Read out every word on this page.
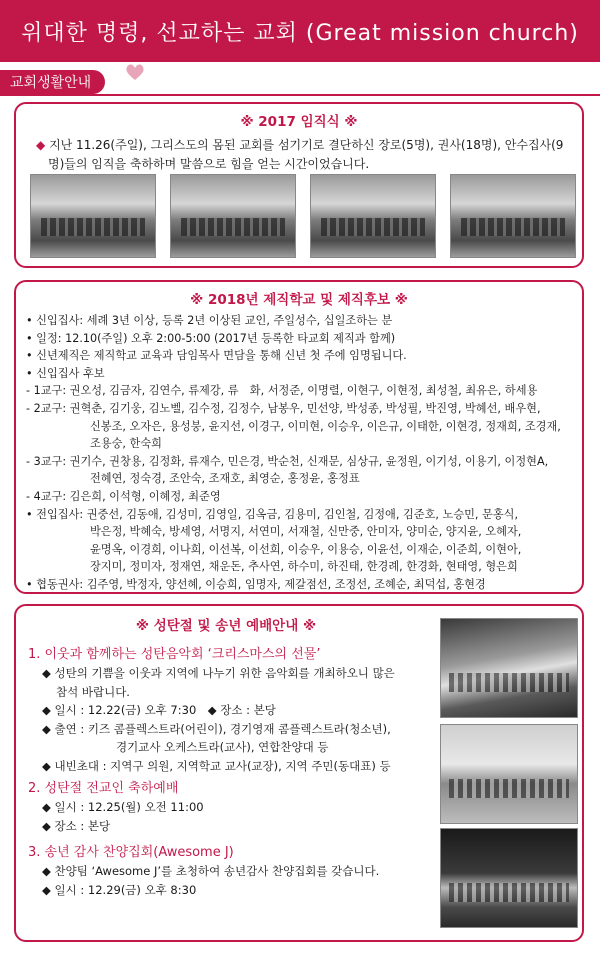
위대한 명령, 선교하는 교회 (Great mission church)
교회생활안내
※ 2017 임직식 ※

◆ 지난 11.26(주일), 그리스도의 몸된 교회를 섬기기로 결단하신 장로(5명), 권사(18명), 안수집사(9명)들의 임직을 축하하며 말씀으로 힘을 얻는 시간이었습니다.

※ 2018년 제직학교 및 제직후보 ※
• 신입집사: 세례 3년 이상, 등록 2년 이상된 교인, 주일성수, 십일조하는 분
• 일정: 12.10(주일) 오후 2:00-5:00 (2017년 등록한 타교회 제직과 함께)
• 신년제직은 제직학교 교육과 담임목사 면담을 통해 신년 첫 주에 임명됩니다.
• 신입집사 후보
- 1교구: 권오성, 김금자, 김연수, 류제강, 류　화, 서정준, 이명렬, 이현구, 이현정, 최성철, 최유은, 하세용
- 2교구: 권혁춘, 김기웅, 김노벨, 김수정, 김정수, 남봉우, 민선양, 박성종, 박성필, 박진영, 박혜선, 배우현,
신봉조, 오자은, 용성붕, 윤지선, 이경구, 이미현, 이승우, 이은규, 이태한, 이현경, 정재희, 조경재,
조용숭, 한숙희
- 3교구: 권기수, 권창용, 김정화, 류재수, 민은경, 박순천, 신재문, 심상규, 윤정원, 이기성, 이용기, 이정현A,
전혜연, 정숙경, 조안숙, 조재호, 최영순, 홍정윤, 홍정표
- 4교구: 김은희, 이석형, 이혜정, 최준영
• 전입집사: 권중선, 김동애, 김성미, 김영일, 김옥금, 김용미, 김인철, 김정애, 김준호, 노승민, 문홍식,
박은정, 박혜숙, 방세영, 서명지, 서연미, 서재철, 신만중, 안미자, 양미순, 양지윤, 오혜자,
윤명옥, 이경희, 이나희, 이선복, 이선희, 이승우, 이용승, 이윤선, 이재순, 이준희, 이현아,
장지미, 정미자, 정재연, 채운돈, 추사연, 하수미, 하진태, 한경례, 한경화, 현태영, 형은희
• 협동권사: 김주영, 박정자, 양선혜, 이승희, 임명자, 제갈점선, 조정선, 조혜순, 최덕섭, 홍현경
※ 성탄절 및 송년 예배안내 ※
1. 이웃과 함께하는 성탄음악회 ‘크리스마스의 선물’
◆ 성탄의 기쁨을 이웃과 지역에 나누기 위한 음악회를 개최하오니 많은
참석 바랍니다.
◆ 일시 : 12.22(금) 오후 7:30　◆ 장소 : 본당
◆ 출연 : 키즈 콤플렉스트라(어린이), 경기영재 콤플렉스트라(청소년),
경기교사 오케스트라(교사), 연합찬양대 등
◆ 내빈초대 : 지역구 의원, 지역학교 교사(교장), 지역 주민(동대표) 등
2. 성탄절 전교인 축하예배
◆ 일시 : 12.25(월) 오전 11:00
◆ 장소 : 본당
3. 송년 감사 찬양집회(Awesome J)
◆ 찬양팀 ‘Awesome J’를 초청하여 송년감사 찬양집회를 갖습니다.
◆ 일시 : 12.29(금) 오후 8:30
